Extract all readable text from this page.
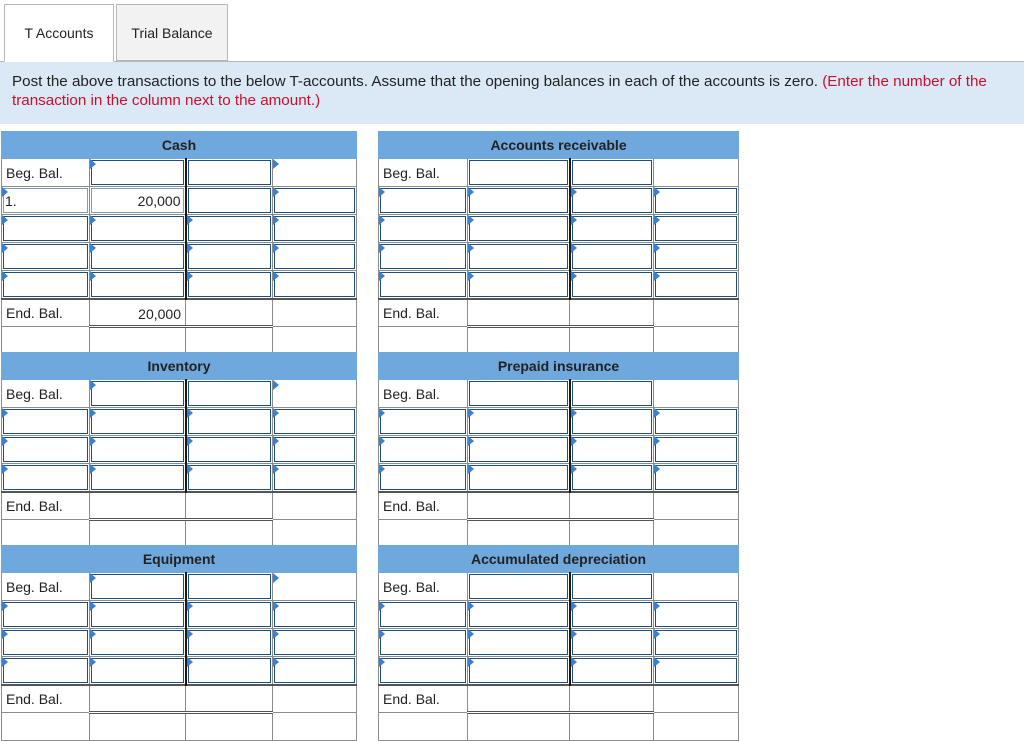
T Accounts	Trial Balance
Post the above transactions to the below T-accounts. Assume that the opening balances in each of the accounts is zero. (Enter the number of the transaction in the column next to the amount.)
Cash			
Beg. Bal.	

1.	20,000		

End. Bal.	20,000		

Accounts receivable			
Beg. Bal.	

End. Bal.			

Inventory			
Beg. Bal.	

End. Bal.			

Prepaid insurance			
Beg. Bal.	

End. Bal.			

Equipment			
Beg. Bal.	

End. Bal.			

Accumulated depreciation			
Beg. Bal.	

End. Bal.			
